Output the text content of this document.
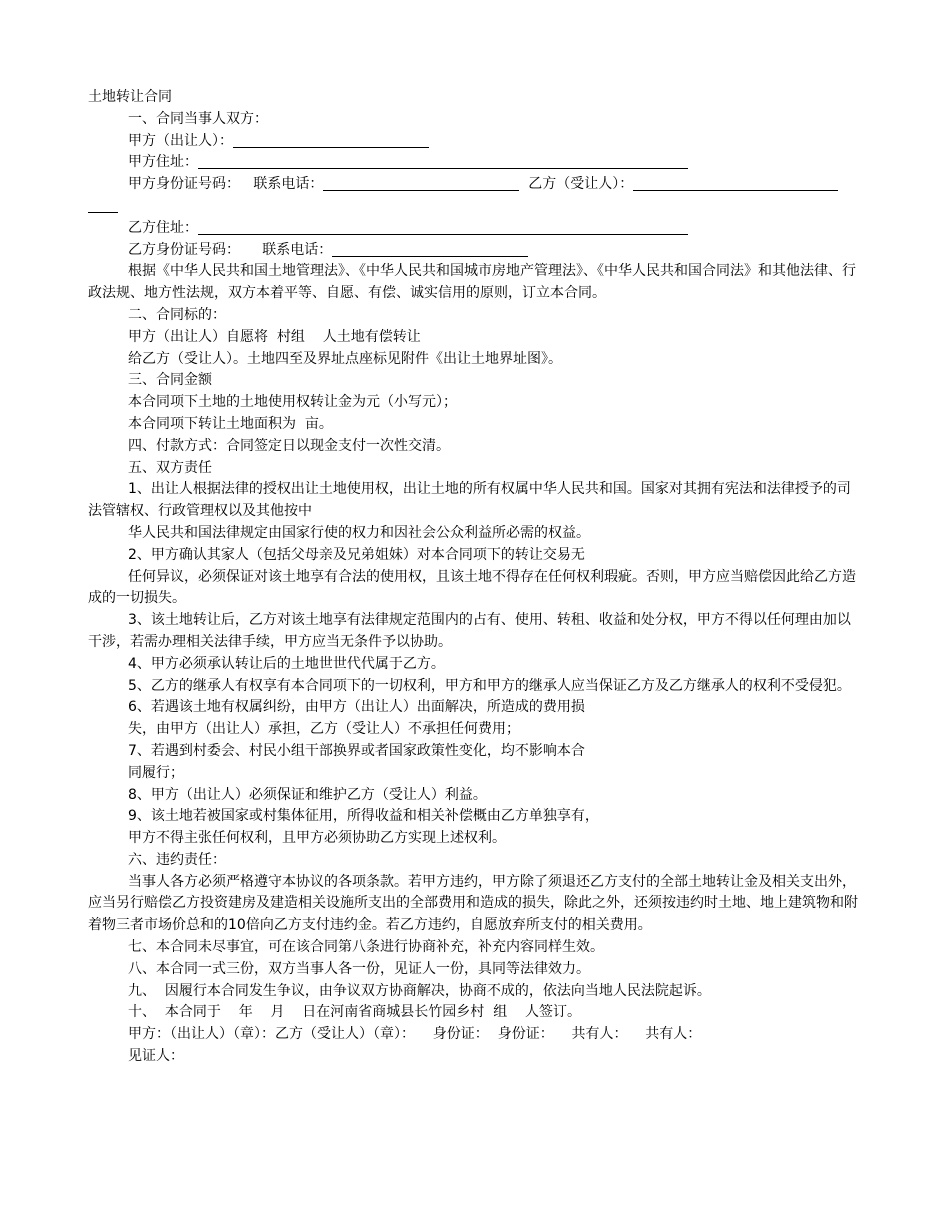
土地转让合同
一、合同当事人双方：
甲方（出让人）：
甲方住址：
甲方身份证号码： 联系电话：	乙方（受让人）：
乙方住址：
乙方身份证号码： 联系电话：
根据《中华人民共和国土地管理法》、《中华人民共和国城市房地产管理法》、《中华人民共和国合同法》和其他法律、行政法规、地方性法规，双方本着平等、自愿、有偿、诚实信用的原则，订立本合同。
二、合同标的：
甲方（出让人）自愿将  村组    人土地有偿转让
给乙方（受让人）。土地四至及界址点座标见附件《出让土地界址图》。
三、合同金额
本合同项下土地的土地使用权转让金为元（小写元）；
本合同项下转让土地面积为  亩。
四、付款方式：合同签定日以现金支付一次性交清。
五、双方责任
1、出让人根据法律的授权出让土地使用权，出让土地的所有权属中华人民共和国。国家对其拥有宪法和法律授予的司法管辖权、行政管理权以及其他按中
华人民共和国法律规定由国家行使的权力和因社会公众利益所必需的权益。
2、甲方确认其家人（包括父母亲及兄弟姐妹）对本合同项下的转让交易无
任何异议，必须保证对该土地享有合法的使用权，且该土地不得存在任何权利瑕疵。否则，甲方应当赔偿因此给乙方造成的一切损失。
3、该土地转让后，乙方对该土地享有法律规定范围内的占有、使用、转租、收益和处分权，甲方不得以任何理由加以干涉，若需办理相关法律手续，甲方应当无条件予以协助。
4、甲方必须承认转让后的土地世世代代属于乙方。
5、乙方的继承人有权享有本合同项下的一切权利，甲方和甲方的继承人应当保证乙方及乙方继承人的权利不受侵犯。
6、若遇该土地有权属纠纷，由甲方（出让人）出面解决，所造成的费用损
失，由甲方（出让人）承担，乙方（受让人）不承担任何费用；
7、若遇到村委会、村民小组干部换界或者国家政策性变化，均不影响本合
同履行；
8、甲方（出让人）必须保证和维护乙方（受让人）利益。
9、该土地若被国家或村集体征用，所得收益和相关补偿概由乙方单独享有，
甲方不得主张任何权利，且甲方必须协助乙方实现上述权利。
六、违约责任：
当事人各方必须严格遵守本协议的各项条款。若甲方违约，甲方除了须退还乙方支付的全部土地转让金及相关支出外，应当另行赔偿乙方投资建房及建造相关设施所支出的全部费用和造成的损失，除此之外，还须按违约时土地、地上建筑物和附着物三者市场价总和的10倍向乙方支付违约金。若乙方违约，自愿放弃所支付的相关费用。
七、本合同未尽事宜，可在该合同第八条进行协商补充，补充内容同样生效。
八、本合同一式三份，双方当事人各一份，见证人一份，具同等法律效力。
九、  因履行本合同发生争议，由争议双方协商解决，协商不成的，依法向当地人民法院起诉。
十、  本合同于    年    月    日在河南省商城县长竹园乡村  组    人签订。
甲方：（出让人）（章）：乙方（受让人）（章）：    身份证：  身份证：    共有人：    共有人：
见证人：
